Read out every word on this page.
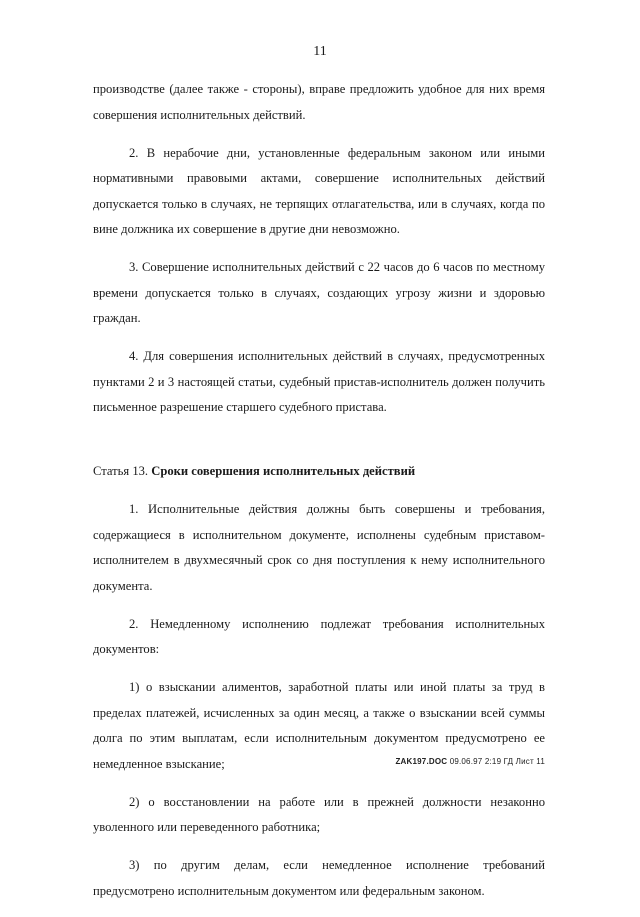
11

производстве (далее также - стороны), вправе предложить удобное для них время совершения исполнительных действий.

2. В нерабочие дни, установленные федеральным законом или иными нормативными правовыми актами, совершение исполнительных действий допускается только в случаях, не терпящих отлагательства, или в случаях, когда по вине должника их совершение в другие дни невозможно.

3. Совершение исполнительных действий с 22 часов до 6 часов по местному времени допускается только в случаях, создающих угрозу жизни и здоровью граждан.

4. Для совершения исполнительных действий в случаях, предусмотренных пунктами 2 и 3 настоящей статьи, судебный пристав-исполнитель должен получить письменное разрешение старшего судебного пристава.

Статья 13. Сроки совершения исполнительных действий

1. Исполнительные действия должны быть совершены и требования, содержащиеся в исполнительном документе, исполнены судебным приставом-исполнителем в двухмесячный срок со дня поступления к нему исполнительного документа.

2. Немедленному исполнению подлежат требования исполнительных документов:

1) о взыскании алиментов, заработной платы или иной платы за труд в пределах платежей, исчисленных за один месяц, а также о взыскании всей суммы долга по этим выплатам, если исполнительным документом предусмотрено ее немедленное взыскание;

2) о восстановлении на работе или в прежней должности незаконно уволенного или переведенного работника;

3) по другим делам, если немедленное исполнение требований предусмотрено исполнительным документом или федеральным законом.

ZAK197.DOC 09.06.97 2:19 ГД Лист 11
